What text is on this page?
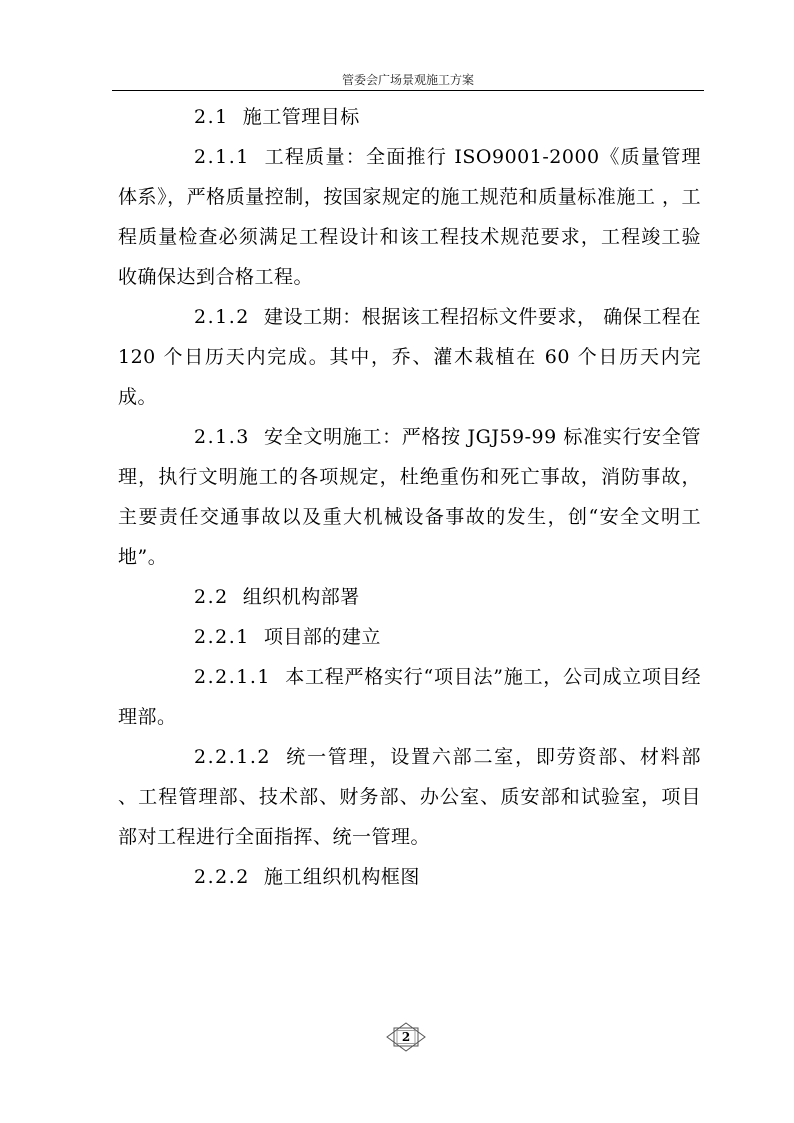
管委会广场景观施工方案

2.1 施工管理目标

2.1.1 工程质量：全面推行 ISO9001-2000《质量管理体系》，严格质量控制，按国家规定的施工规范和质量标准施工 ，工程质量检查必须满足工程设计和该工程技术规范要求，工程竣工验收确保达到合格工程。

2.1.2 建设工期：根据该工程招标文件要求， 确保工程在 120 个日历天内完成。其中，乔、灌木栽植在 60 个日历天内完成。

2.1.3 安全文明施工：严格按 JGJ59-99 标准实行安全管理，执行文明施工的各项规定，杜绝重伤和死亡事故，消防事故，主要责任交通事故以及重大机械设备事故的发生，创“安全文明工地”。

2.2 组织机构部署

2.2.1 项目部的建立

2.2.1.1 本工程严格实行“项目法”施工，公司成立项目经理部。

2.2.1.2 统一管理，设置六部二室，即劳资部、材料部 、工程管理部、技术部、财务部、办公室、质安部和试验室，项目部对工程进行全面指挥、统一管理。

2.2.2 施工组织机构框图

2
